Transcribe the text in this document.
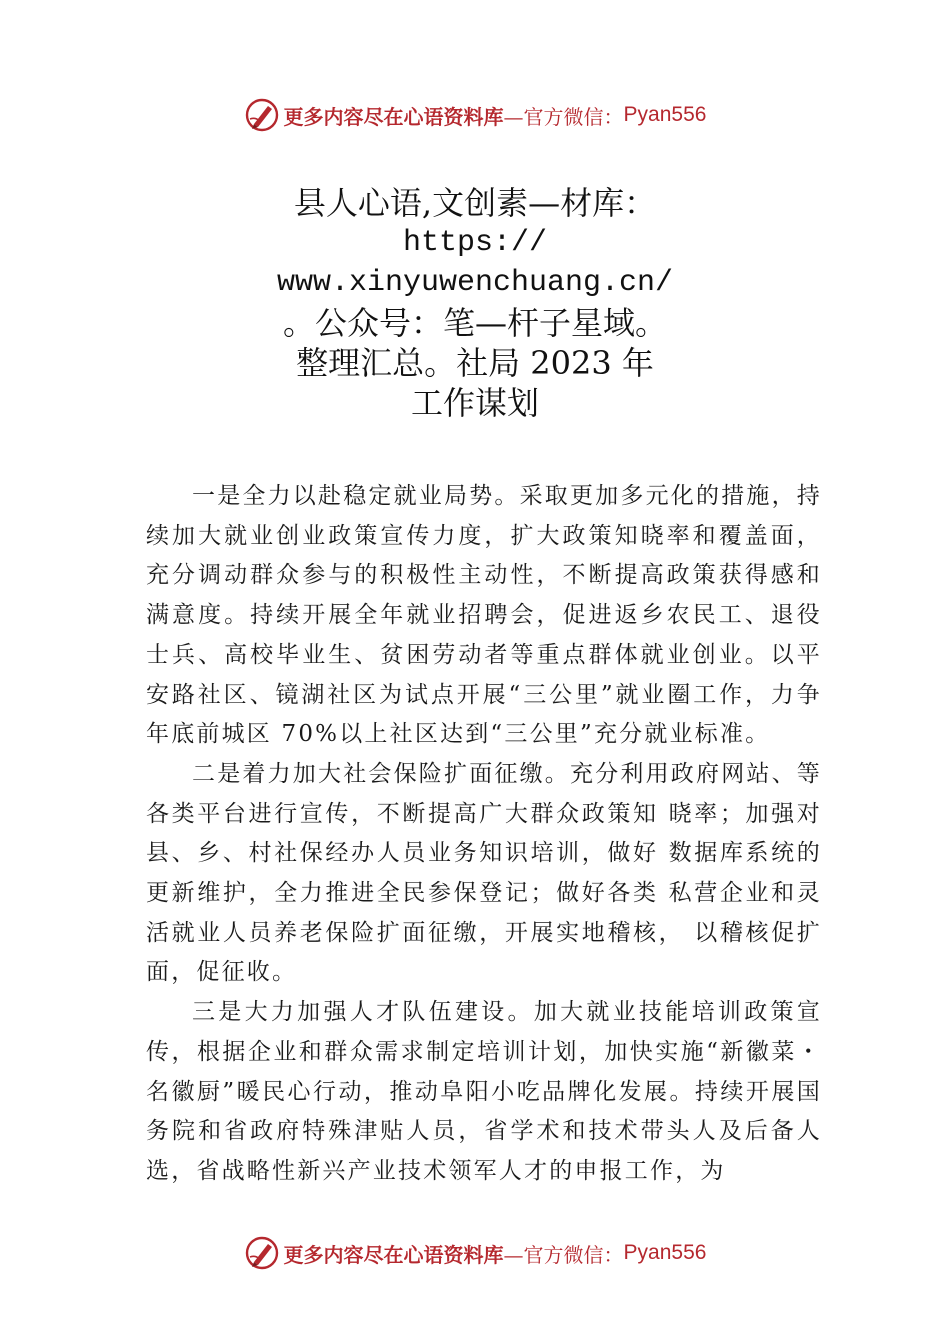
更多内容尽在心语资料库 —官方微信： Pyan556
县人心语,文创素—材库：
https://
www.xinyuwenchuang.cn/
。公众号：笔—杆子星域。
整理汇总。社局 2023 年
工作谋划

一是全力以赴稳定就业局势。采取更加多元化的措施，持续加大就业创业政策宣传力度，扩大政策知晓率和覆盖面，充分调动群众参与的积极性主动性，不断提高政策获得感和满意度。持续开展全年就业招聘会，促进返乡农民工、退役士兵、高校毕业生、贫困劳动者等重点群体就业创业。以平安路社区、镜湖社区为试点开展“三公里”就业圈工作，力争年底前城区 70%以上社区达到“三公里”充分就业标准。

二是着力加大社会保险扩面征缴。充分利用政府网站、等各类平台进行宣传，不断提高广大群众政策知 晓率；加强对县、乡、村社保经办人员业务知识培训，做好 数据库系统的更新维护，全力推进全民参保登记；做好各类 私营企业和灵活就业人员养老保险扩面征缴，开展实地稽核， 以稽核促扩面，促征收。

三是大力加强人才队伍建设。加大就业技能培训政策宣传，根据企业和群众需求制定培训计划，加快实施“新徽菜・名徽厨”暖民心行动，推动阜阳小吃品牌化发展。持续开展国务院和省政府特殊津贴人员，省学术和技术带头人及后备人选，省战略性新兴产业技术领军人才的申报工作，为

更多内容尽在心语资料库 —官方微信： Pyan556
